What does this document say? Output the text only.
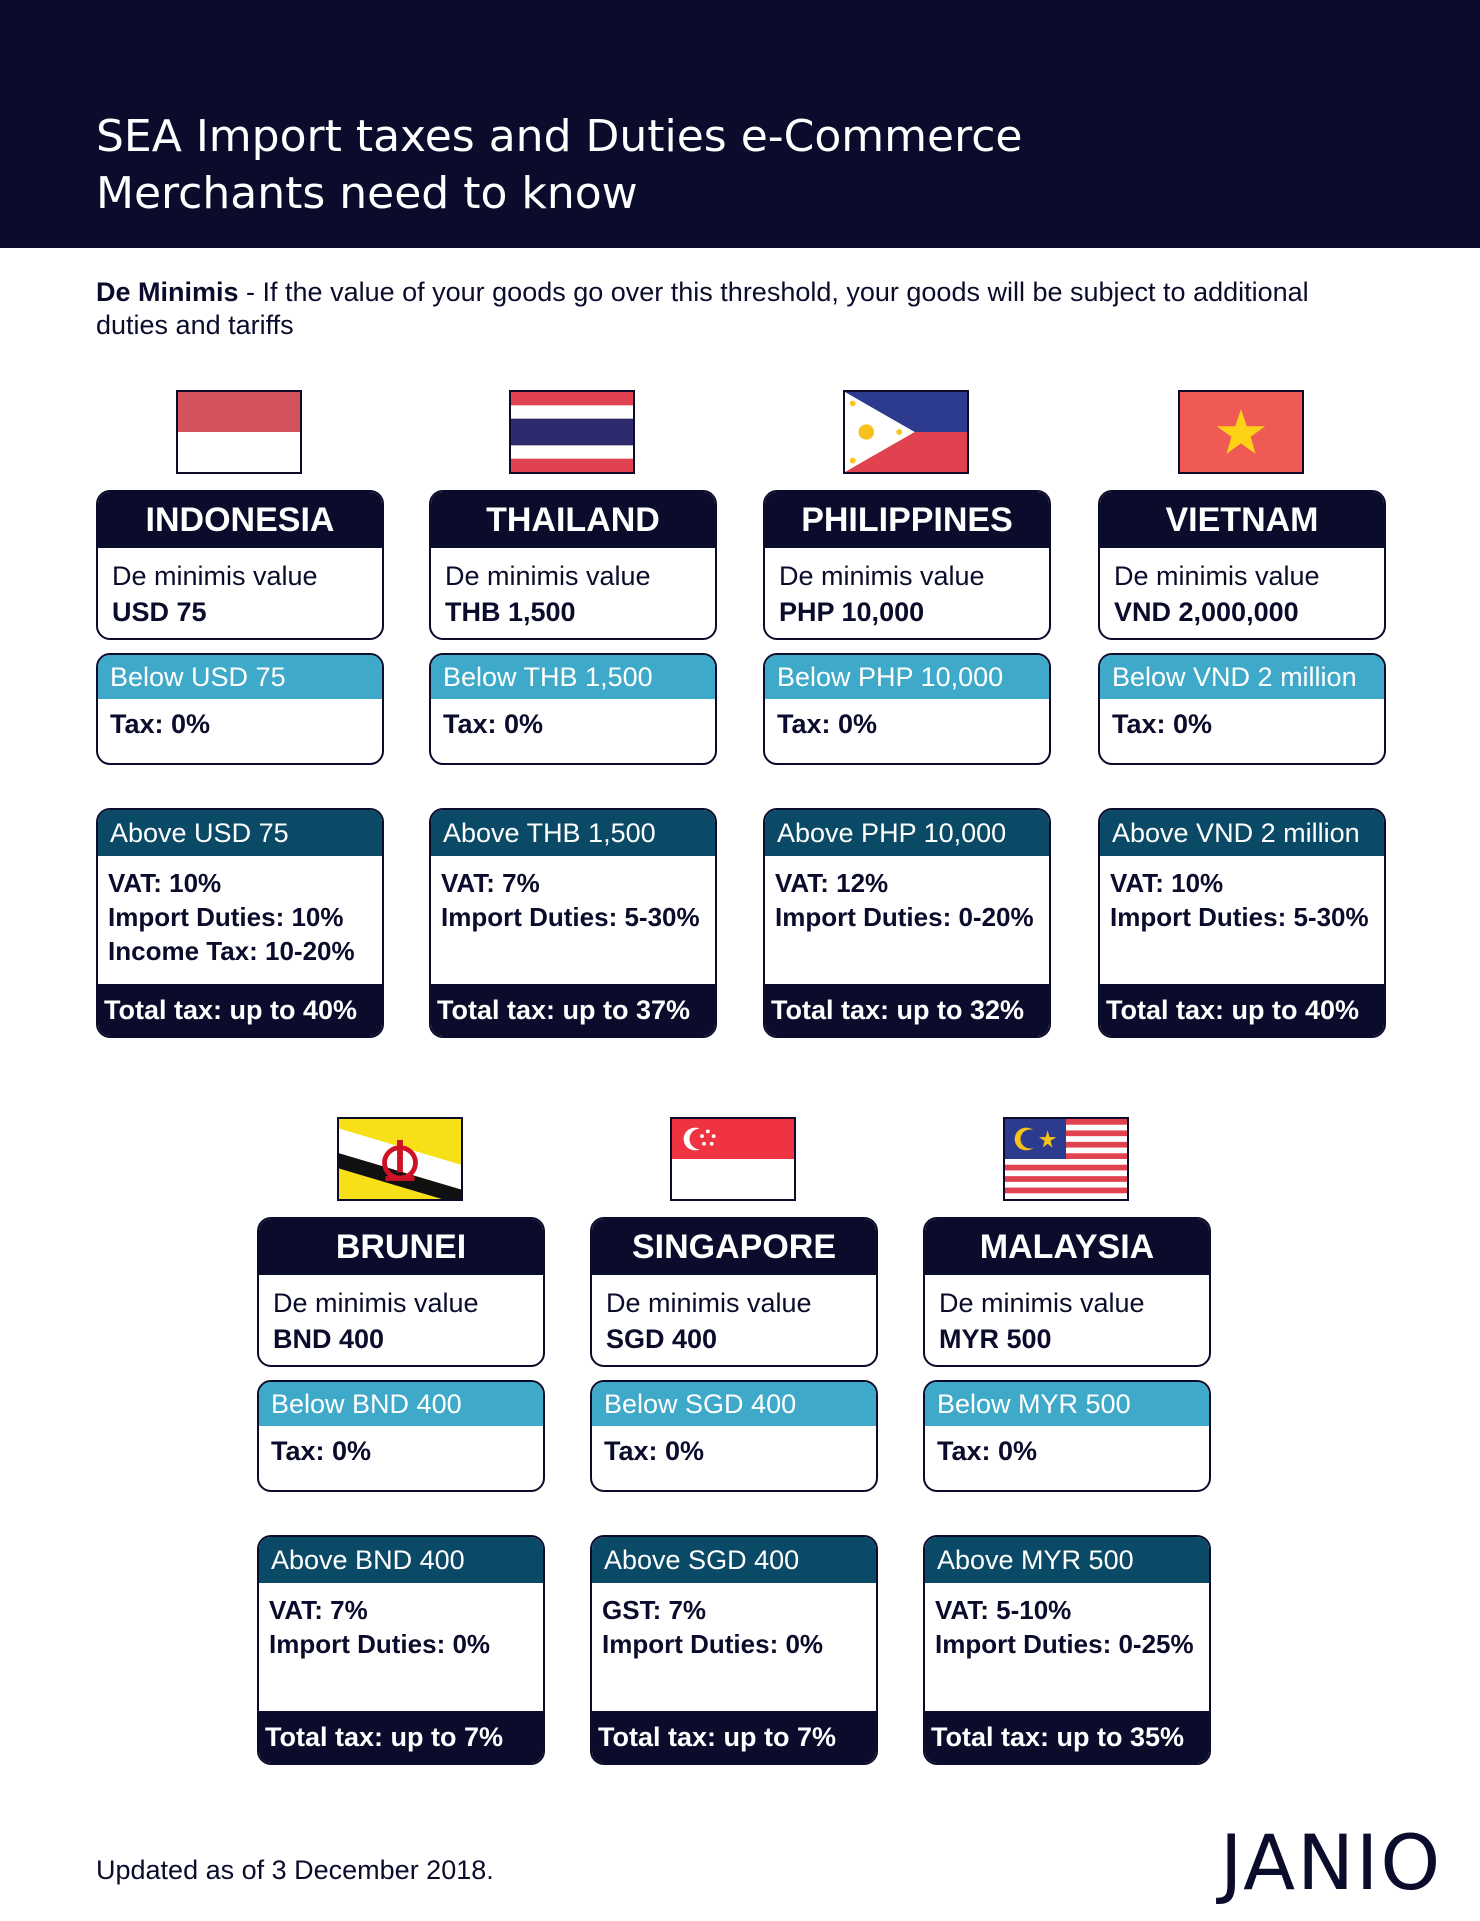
SEA Import taxes and Duties e-Commerce
Merchants need to know

De Minimis - If the value of your goods go over this threshold, your goods will be subject to additional duties and tariffs

INDONESIA
De minimis value
USD 75
Below USD 75
Tax: 0%
Above USD 75
VAT: 10%
Import Duties: 10%
Income Tax: 10-20%
Total tax: up to 40%
THAILAND
De minimis value
THB 1,500
Below THB 1,500
Tax: 0%
Above THB 1,500
VAT: 7%
Import Duties: 5-30%
Total tax: up to 37%
PHILIPPINES
De minimis value
PHP 10,000
Below PHP 10,000
Tax: 0%
Above PHP 10,000
VAT: 12%
Import Duties: 0-20%
Total tax: up to 32%
VIETNAM
De minimis value
VND 2,000,000
Below VND 2 million
Tax: 0%
Above VND 2 million
VAT: 10%
Import Duties: 5-30%
Total tax: up to 40%
BRUNEI
De minimis value
BND 400
Below BND 400
Tax: 0%
Above BND 400
VAT: 7%
Import Duties: 0%
Total tax: up to 7%
SINGAPORE
De minimis value
SGD 400
Below SGD 400
Tax: 0%
Above SGD 400
GST: 7%
Import Duties: 0%
Total tax: up to 7%
MALAYSIA
De minimis value
MYR 500
Below MYR 500
Tax: 0%
Above MYR 500
VAT: 5-10%
Import Duties: 0-25%
Total tax: up to 35%
Updated as of 3 December 2018.	JANIO
